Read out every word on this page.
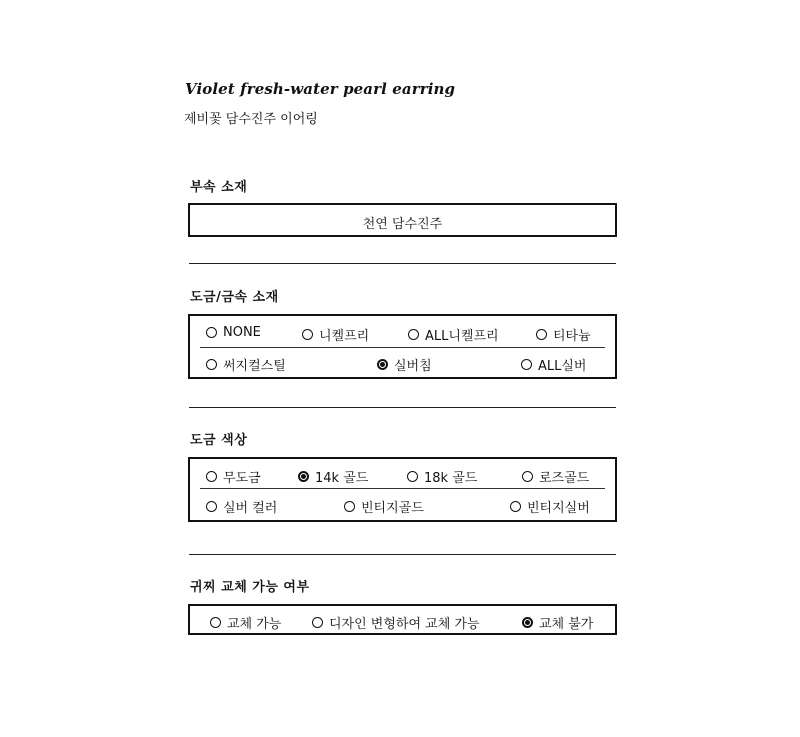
Violet fresh-water pearl earring
제비꽃 담수진주 이어링
부속 소재
천연 담수진주
도금/금속 소재
NONE	니켈프리	ALL니켈프리	티타늄
써지컬스틸	실버침	ALL실버
도금 색상
무도금	14k 골드	18k 골드	로즈골드
실버 컬러	빈티지골드	빈티지실버
귀찌 교체 가능 여부
교체 가능	디자인 변형하여 교체 가능	교체 불가
